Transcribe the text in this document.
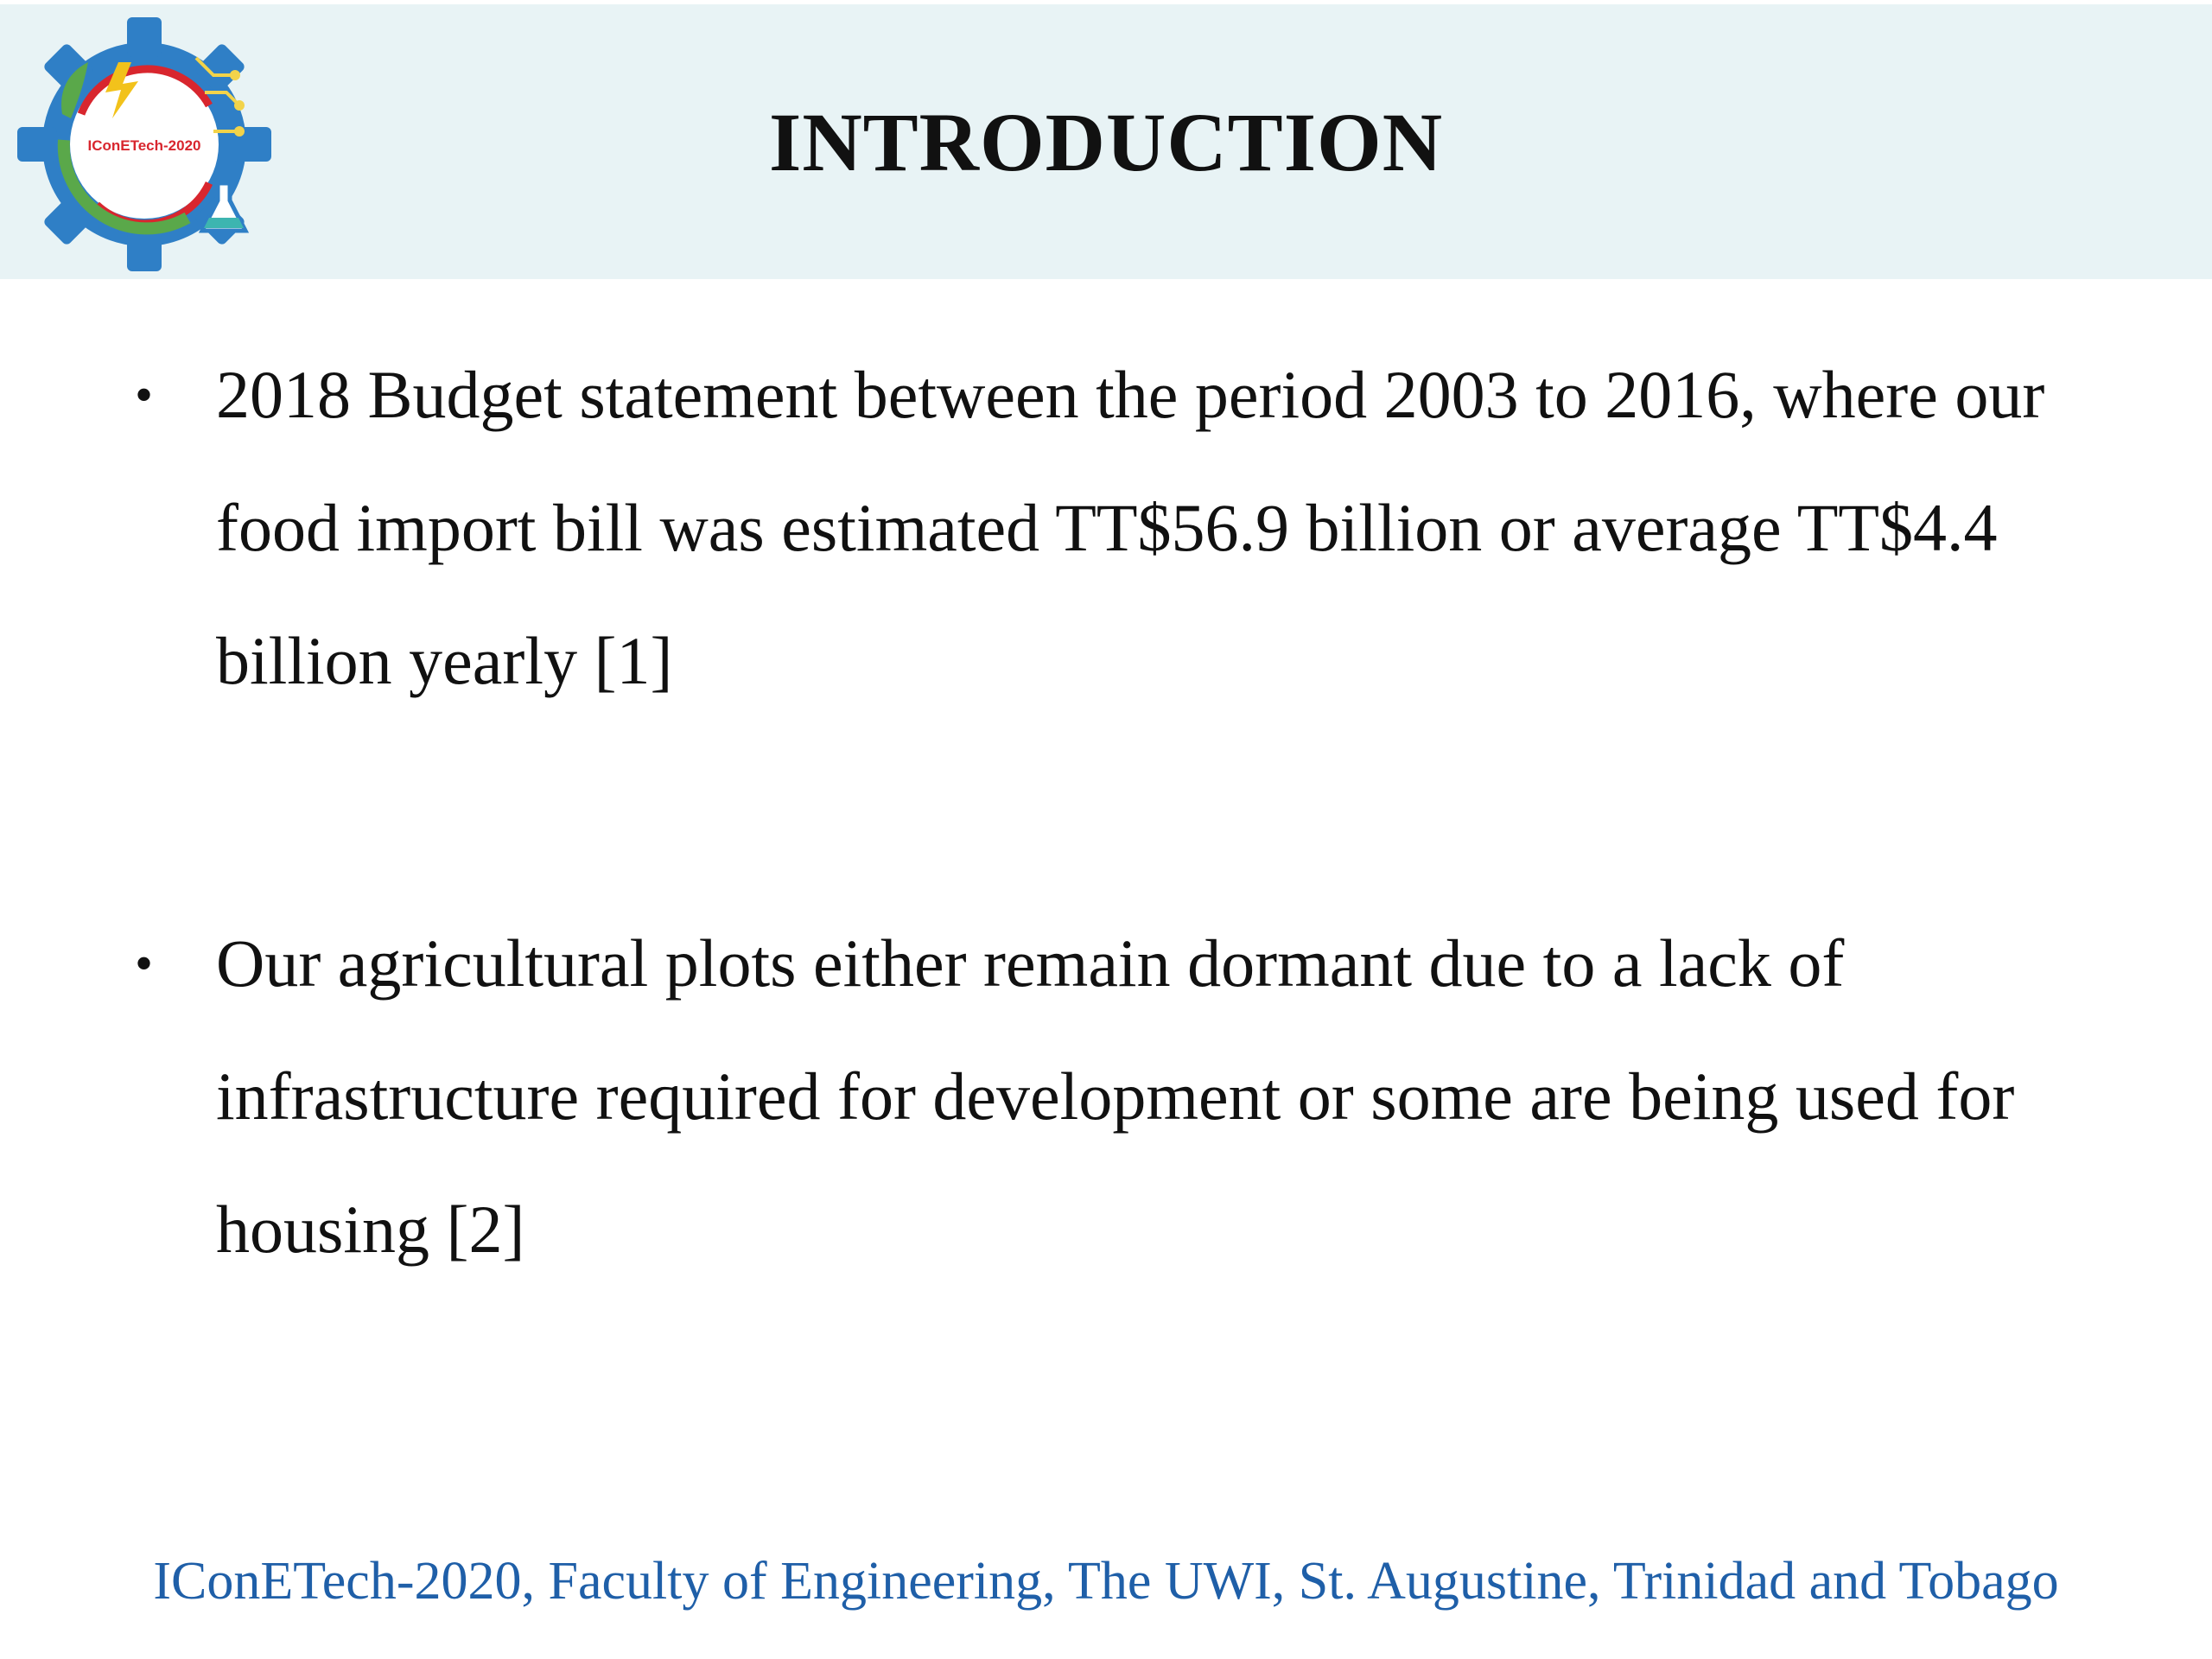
IConETech-2020	INTRODUCTION
• 2018 Budget statement between the period 2003 to 2016, where our food import bill was estimated TT$56.9 billion or average TT$4.4 billion yearly [1]
• Our agricultural plots either remain dormant due to a lack of infrastructure required for development or some are being used for housing [2]
IConETech-2020, Faculty of Engineering, The UWI, St. Augustine, Trinidad and Tobago
